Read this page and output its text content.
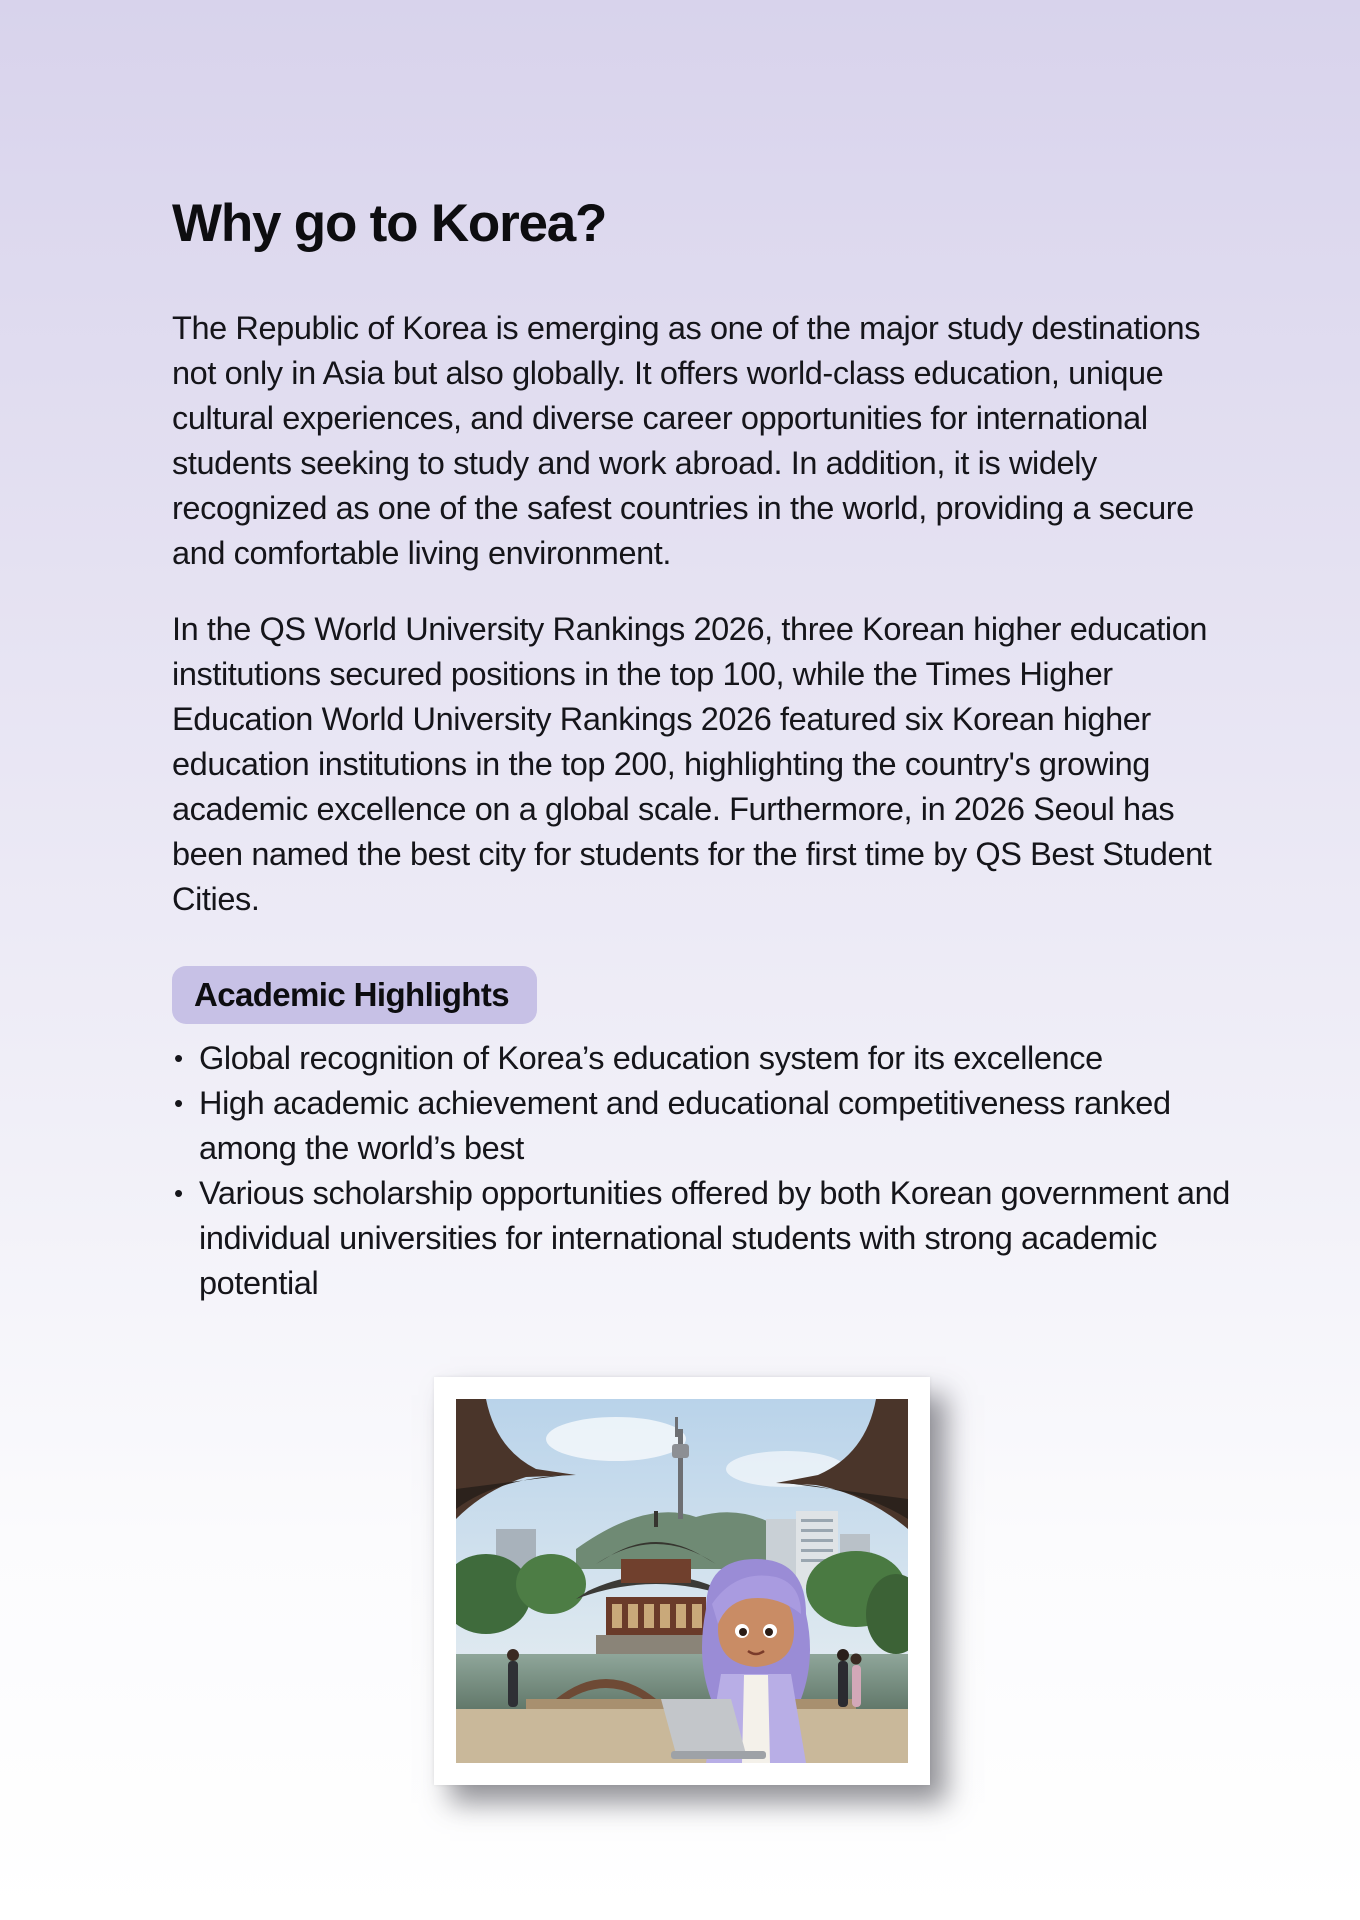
Why go to Korea?

The Republic of Korea is emerging as one of the major study destinations not only in Asia but also globally. It offers world-class education, unique cultural experiences, and diverse career opportunities for international students seeking to study and work abroad. In addition, it is widely recognized as one of the safest countries in the world, providing a secure and comfortable living environment.

In the QS World University Rankings 2026, three Korean higher education institutions secured positions in the top 100, while the Times Higher Education World University Rankings 2026 featured six Korean higher education institutions in the top 200, highlighting the country's growing academic excellence on a global scale. Furthermore, in 2026 Seoul has been named the best city for students for the first time by QS Best Student Cities.

Academic Highlights
• Global recognition of Korea’s education system for its excellence
• High academic achievement and educational competitiveness ranked among the world’s best
• Various scholarship opportunities offered by both Korean government and individual universities for international students with strong academic potential
